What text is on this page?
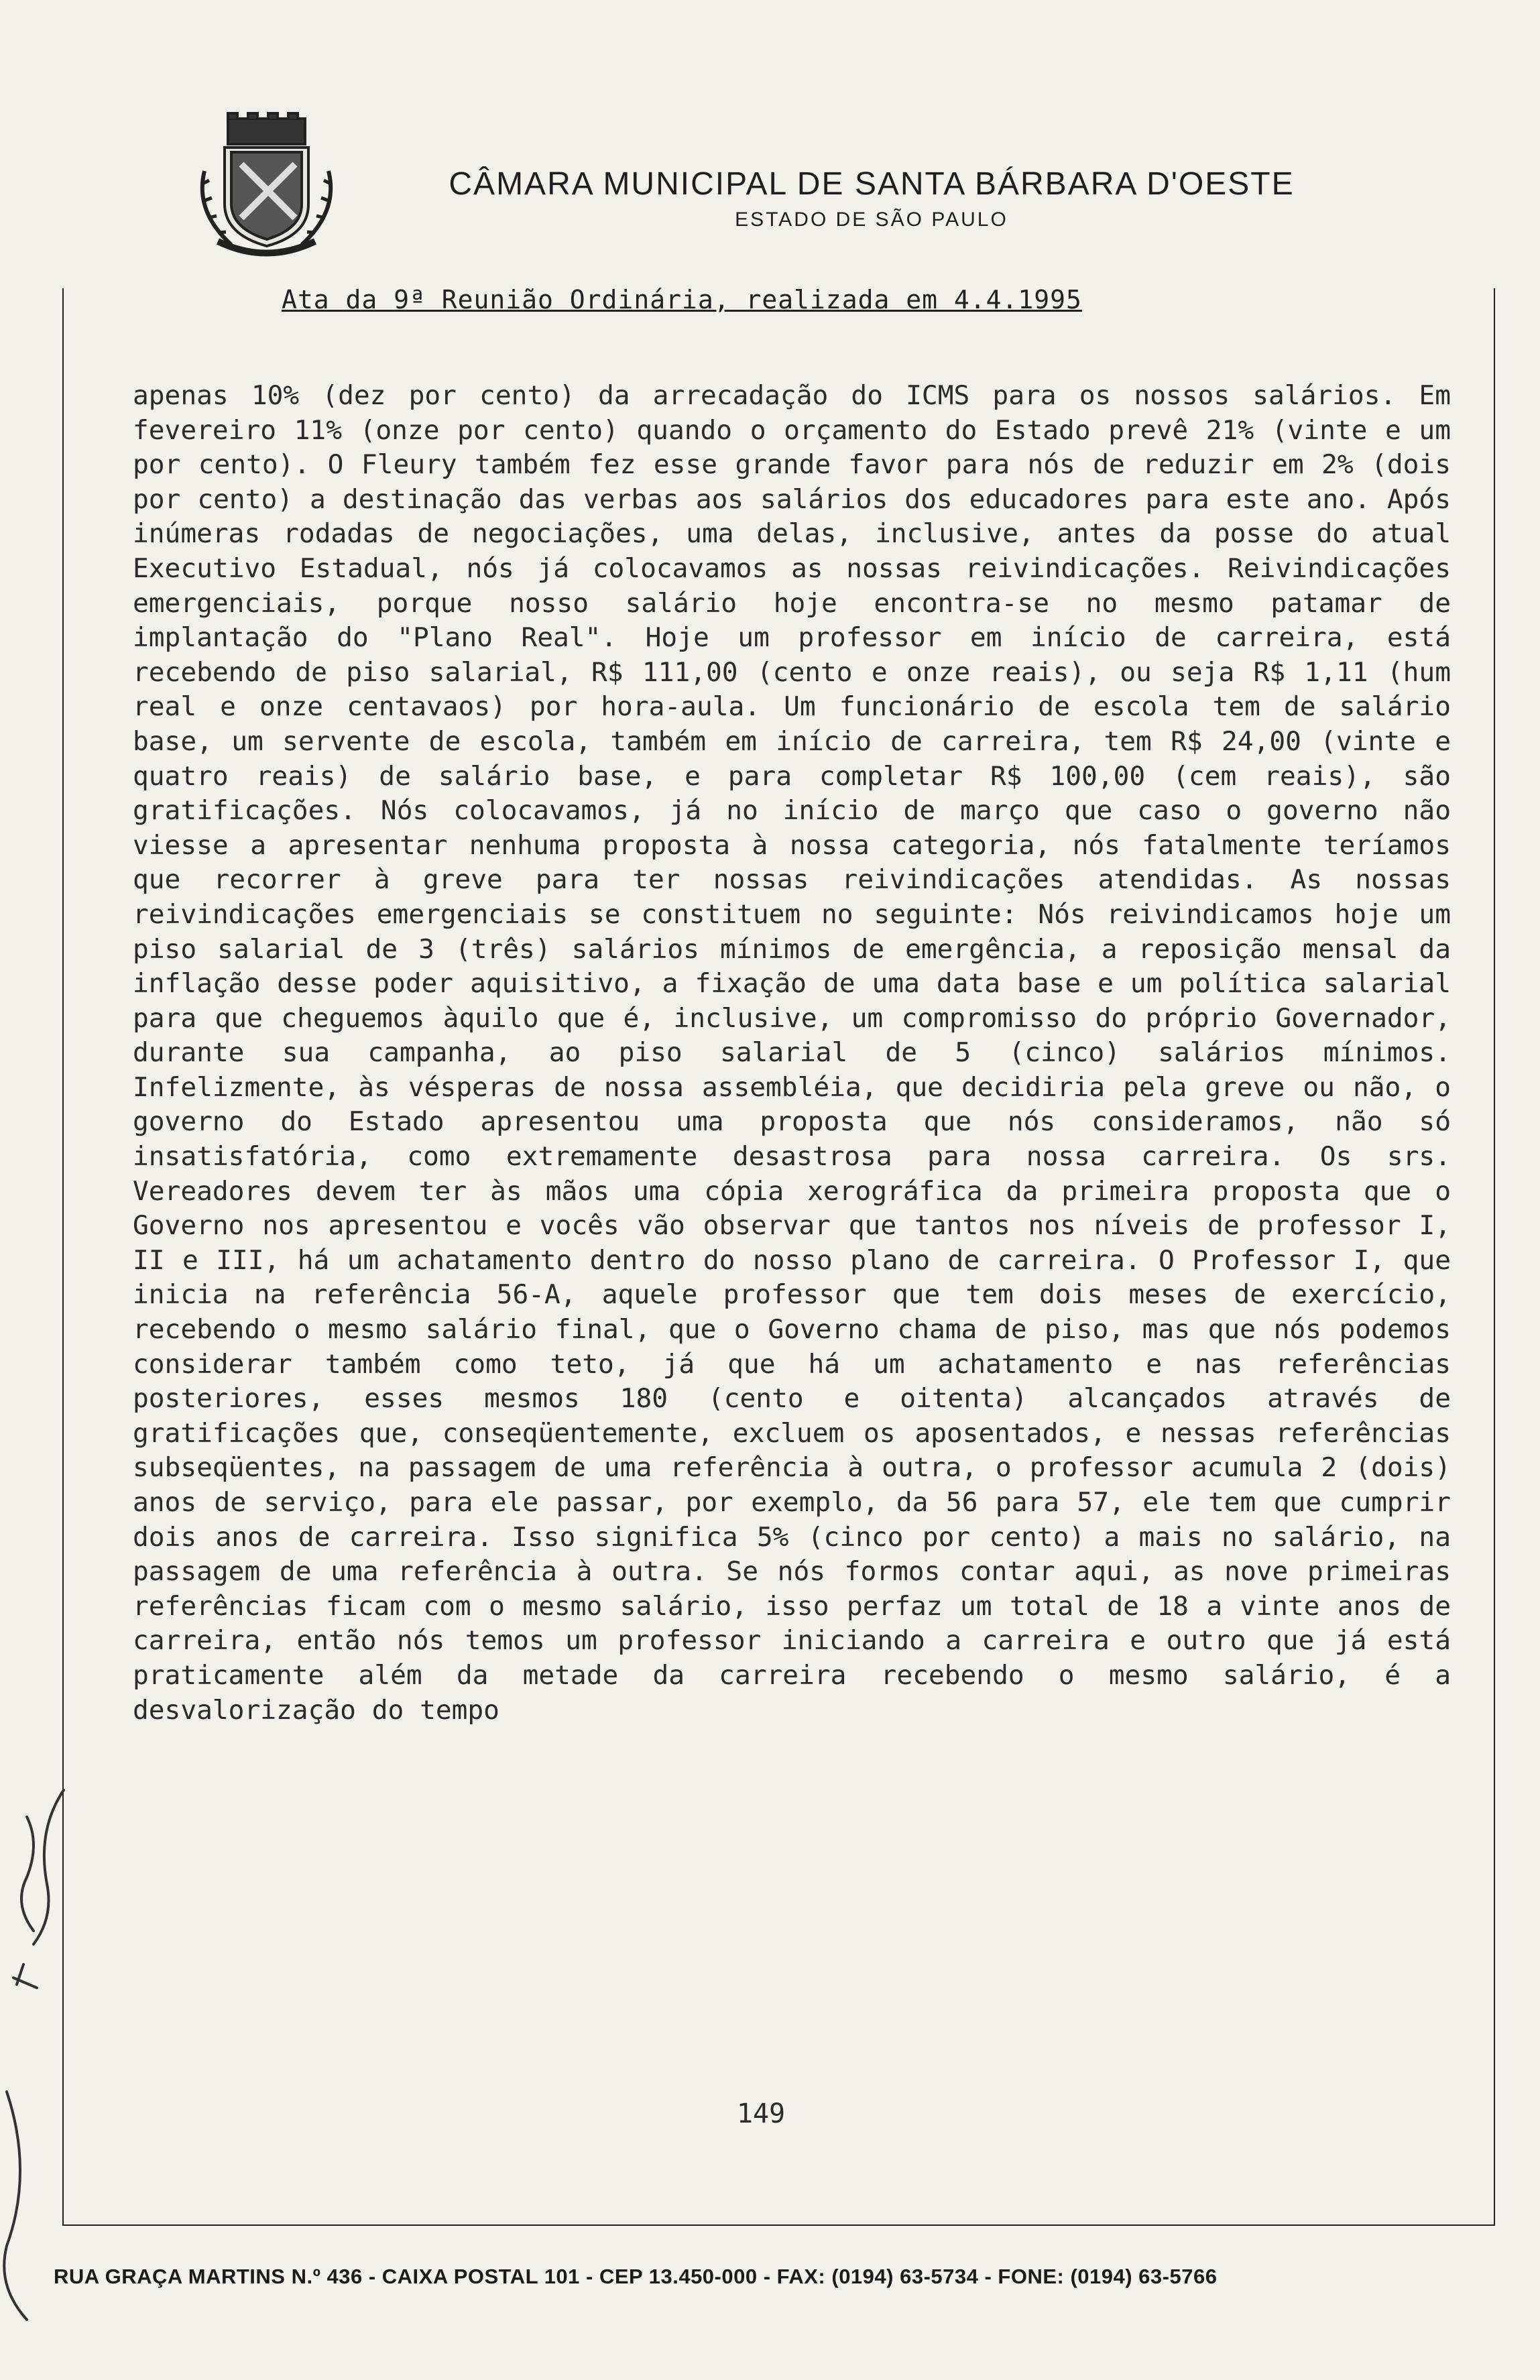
CÂMARA MUNICIPAL DE SANTA BÁRBARA D'OESTE
ESTADO DE SÃO PAULO
Ata da 9ª Reunião Ordinária, realizada em 4.4.1995

apenas 10% (dez por cento) da arrecadação do ICMS para os nossos salários. Em fevereiro 11% (onze por cento) quando o orçamento do Estado prevê 21% (vinte e um por cento). O Fleury também fez esse grande favor para nós de reduzir em 2% (dois por cento) a destinação das verbas aos salários dos educadores para este ano. Após inúmeras rodadas de negociações, uma delas, inclusive, antes da posse do atual Executivo Estadual, nós já colocavamos as nossas reivindicações. Reivindicações emergenciais, porque nosso salário hoje encontra-se no mesmo patamar de implantação do "Plano Real". Hoje um professor em início de carreira, está recebendo de piso salarial, R$ 111,00 (cento e onze reais), ou seja R$ 1,11 (hum real e onze centavaos) por hora-aula. Um funcionário de escola tem de salário base, um servente de escola, também em início de carreira, tem R$ 24,00 (vinte e quatro reais) de salário base, e para completar R$ 100,00 (cem reais), são gratificações. Nós colocavamos, já no início de março que caso o governo não viesse a apresentar nenhuma proposta à nossa categoria, nós fatalmente teríamos que recorrer à greve para ter nossas reivindicações atendidas. As nossas reivindicações emergenciais se constituem no seguinte: Nós reivindicamos hoje um piso salarial de 3 (três) salários mínimos de emergência, a reposição mensal da inflação desse poder aquisitivo, a fixação de uma data base e um política salarial para que cheguemos àquilo que é, inclusive, um compromisso do próprio Governador, durante sua campanha, ao piso salarial de 5 (cinco) salários mínimos. Infelizmente, às vésperas de nossa assembléia, que decidiria pela greve ou não, o governo do Estado apresentou uma proposta que nós consideramos, não só insatisfatória, como extremamente desastrosa para nossa carreira. Os srs. Vereadores devem ter às mãos uma cópia xerográfica da primeira proposta que o Governo nos apresentou e vocês vão observar que tantos nos níveis de professor I, II e III, há um achatamento dentro do nosso plano de carreira. O Professor I, que inicia na referência 56-A, aquele professor que tem dois meses de exercício, recebendo o mesmo salário final, que o Governo chama de piso, mas que nós podemos considerar também como teto, já que há um achatamento e nas referências posteriores, esses mesmos 180 (cento e oitenta) alcançados através de gratificações que, conseqüentemente, excluem os aposentados, e nessas referências subseqüentes, na passagem de uma referência à outra, o professor acumula 2 (dois) anos de serviço, para ele passar, por exemplo, da 56 para 57, ele tem que cumprir dois anos de carreira. Isso significa 5% (cinco por cento) a mais no salário, na passagem de uma referência à outra. Se nós formos contar aqui, as nove primeiras referências ficam com o mesmo salário, isso perfaz um total de 18 a vinte anos de carreira, então nós temos um professor iniciando a carreira e outro que já está praticamente além da metade da carreira recebendo o mesmo salário, é a desvalorização do tempo

149
RUA GRAÇA MARTINS N.º 436 - CAIXA POSTAL 101 - CEP 13.450-000 - FAX: (0194) 63-5734 - FONE: (0194) 63-5766
